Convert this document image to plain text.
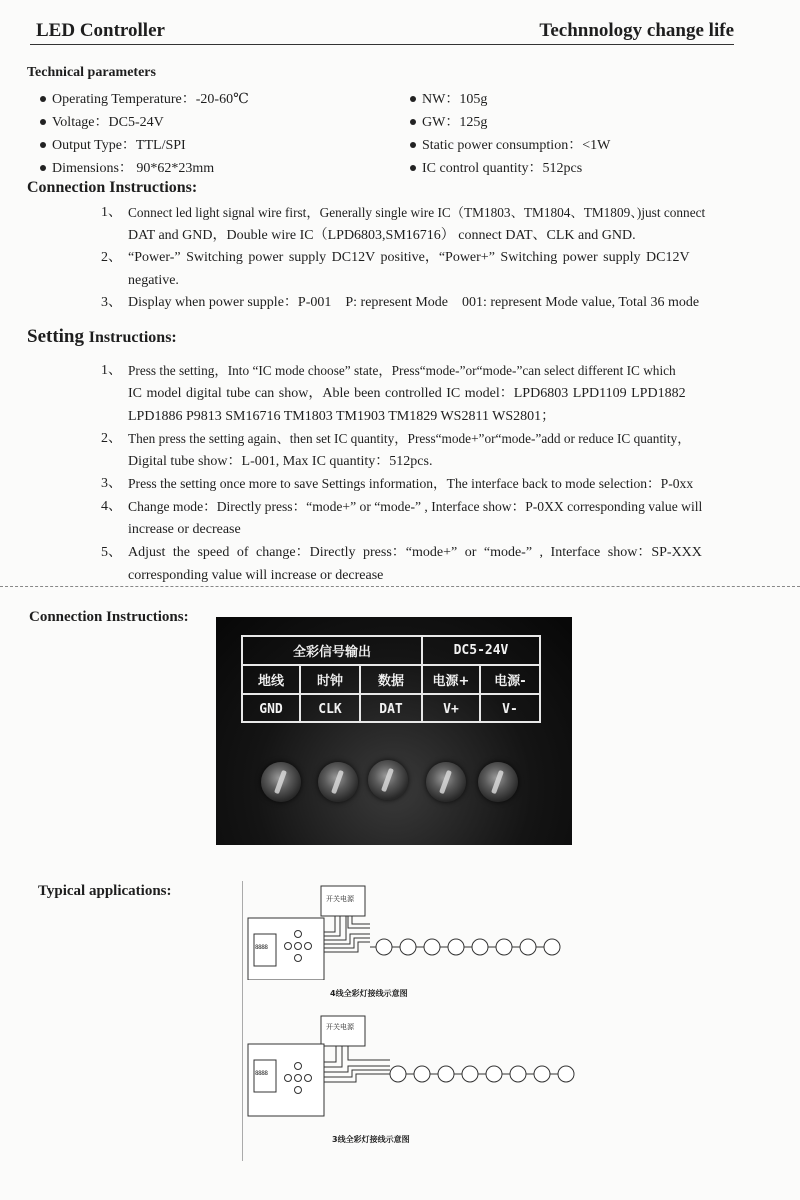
LED Controller	Technnology change life
Technical parameters
Operating Temperature：-20-60℃
Voltage：DC5-24V
Output Type：TTL/SPI
Dimensions： 90*62*23mm
NW：105g
GW：125g
Static power consumption：<1W
IC control quantity：512pcs
Connection Instructions:
1、 Connect led light signal wire first，Generally single wire IC（TM1803、TM1804、TM1809、)just connect
DAT and GND，Double wire IC（LPD6803,SM16716） connect DAT、CLK and GND.
2、 “Power-” Switching power supply DC12V positive，“Power+” Switching power supply DC12V
negative.
3、 Display when power supple：P-001    P: represent Mode    001: represent Mode value, Total 36 mode
Setting Instructions:
1、 Press the setting，Into “IC mode choose” state，Press“mode-”or“mode-”can select different IC which
IC model digital tube can show，Able been controlled IC model：LPD6803 LPD1109 LPD1882
LPD1886 P9813 SM16716 TM1803 TM1903 TM1829 WS2811 WS2801；
2、 Then press the setting again、then set IC quantity，Press“mode+”or“mode-”add or reduce IC quantity，
Digital tube show：L-001, Max IC quantity：512pcs.
3、 Press the setting once more to save Settings information，The interface back to mode selection：P-0xx
4、 Change mode：Directly press：“mode+” or “mode-” , Interface show：P-0XX corresponding value will
increase or decrease
5、 Adjust the speed of change：Directly press：“mode+” or “mode-” , Interface show：SP-XXX
corresponding value will increase or decrease
Connection Instructions:
全彩信号输出	DC5-24V
地线	时钟	数据	电源+	电源-
GND	CLK	DAT	V+	V-
Typical applications:	开关电源
8888
4线全彩灯接线示意图
开关电源
8888
3线全彩灯接线示意图
